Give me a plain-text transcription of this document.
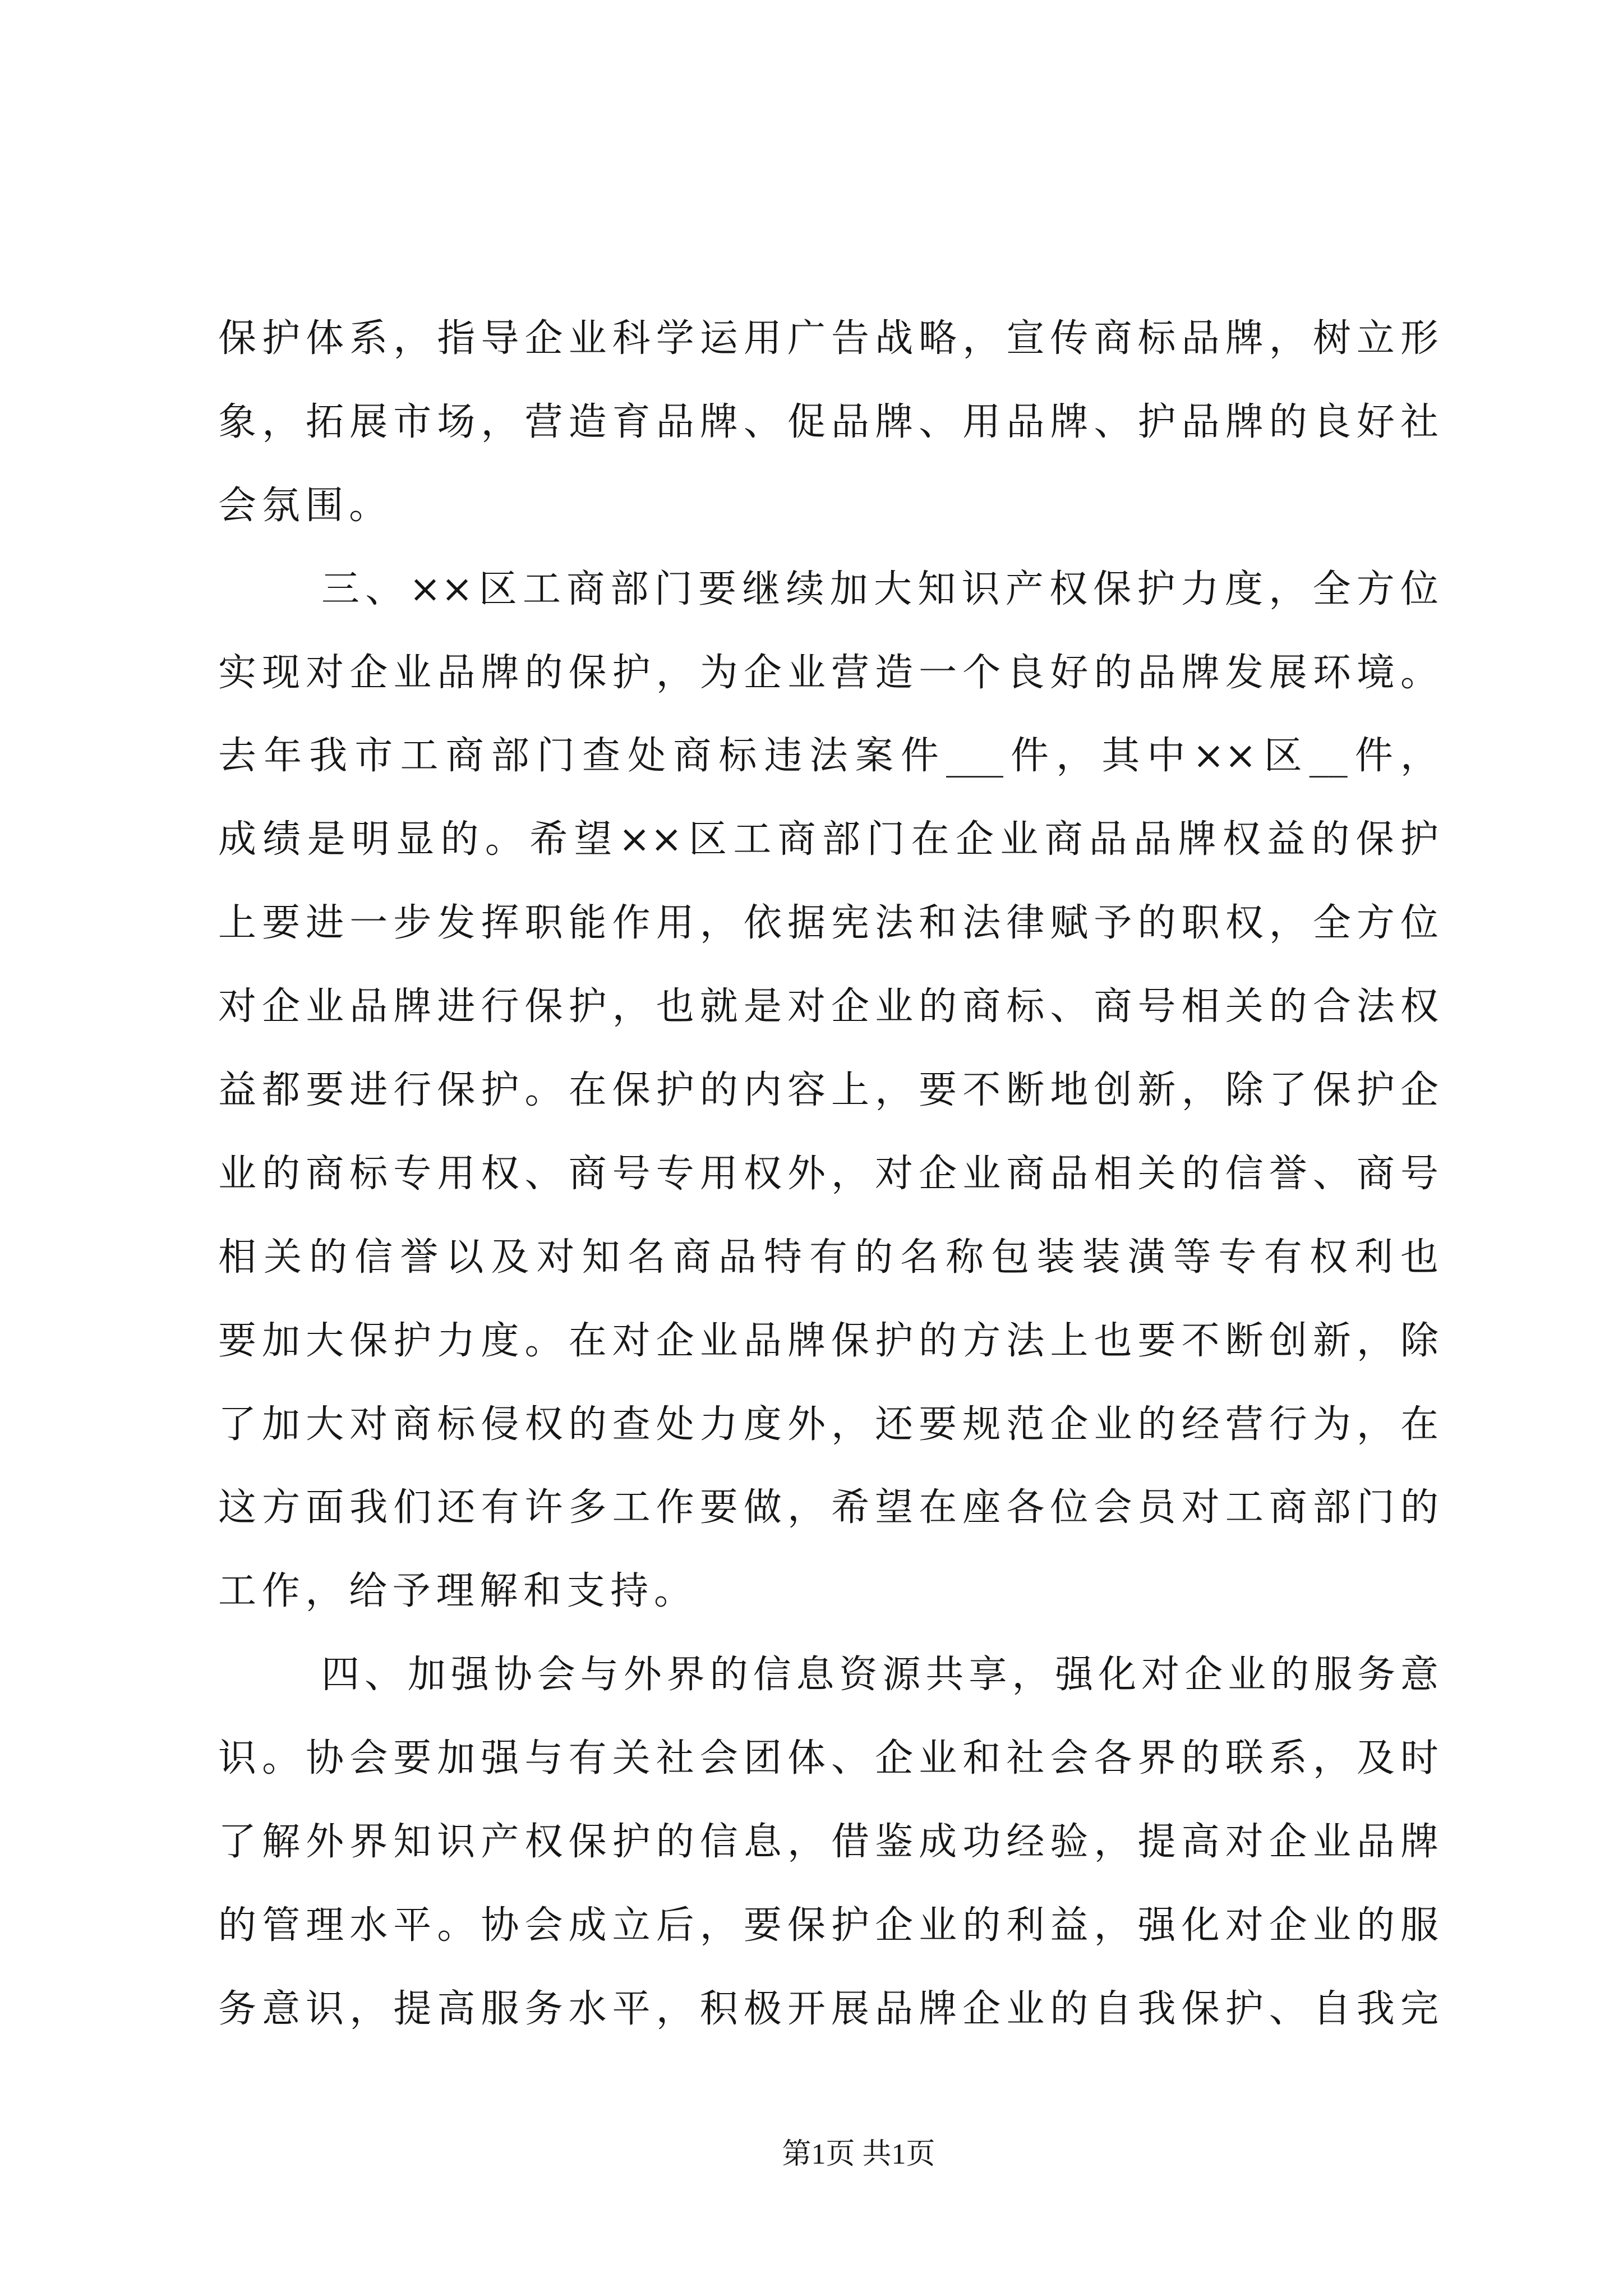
保护体系，指导企业科学运用广告战略，宣传商标品牌，树立形
象，拓展市场，营造育品牌、促品牌、用品牌、护品牌的良好社
会氛围。
三、××区工商部门要继续加大知识产权保护力度，全方位
实现对企业品牌的保护，为企业营造一个良好的品牌发展环境。
去年我市工商部门查处商标违法案件___件，其中××区__件，
成绩是明显的。希望××区工商部门在企业商品品牌权益的保护
上要进一步发挥职能作用，依据宪法和法律赋予的职权，全方位
对企业品牌进行保护，也就是对企业的商标、商号相关的合法权
益都要进行保护。在保护的内容上，要不断地创新，除了保护企
业的商标专用权、商号专用权外，对企业商品相关的信誉、商号
相关的信誉以及对知名商品特有的名称包装装潢等专有权利也
要加大保护力度。在对企业品牌保护的方法上也要不断创新，除
了加大对商标侵权的查处力度外，还要规范企业的经营行为，在
这方面我们还有许多工作要做，希望在座各位会员对工商部门的
工作，给予理解和支持。
四、加强协会与外界的信息资源共享，强化对企业的服务意
识。协会要加强与有关社会团体、企业和社会各界的联系，及时
了解外界知识产权保护的信息，借鉴成功经验，提高对企业品牌
的管理水平。协会成立后，要保护企业的利益，强化对企业的服
务意识，提高服务水平，积极开展品牌企业的自我保护、自我完
第1页 共1页
